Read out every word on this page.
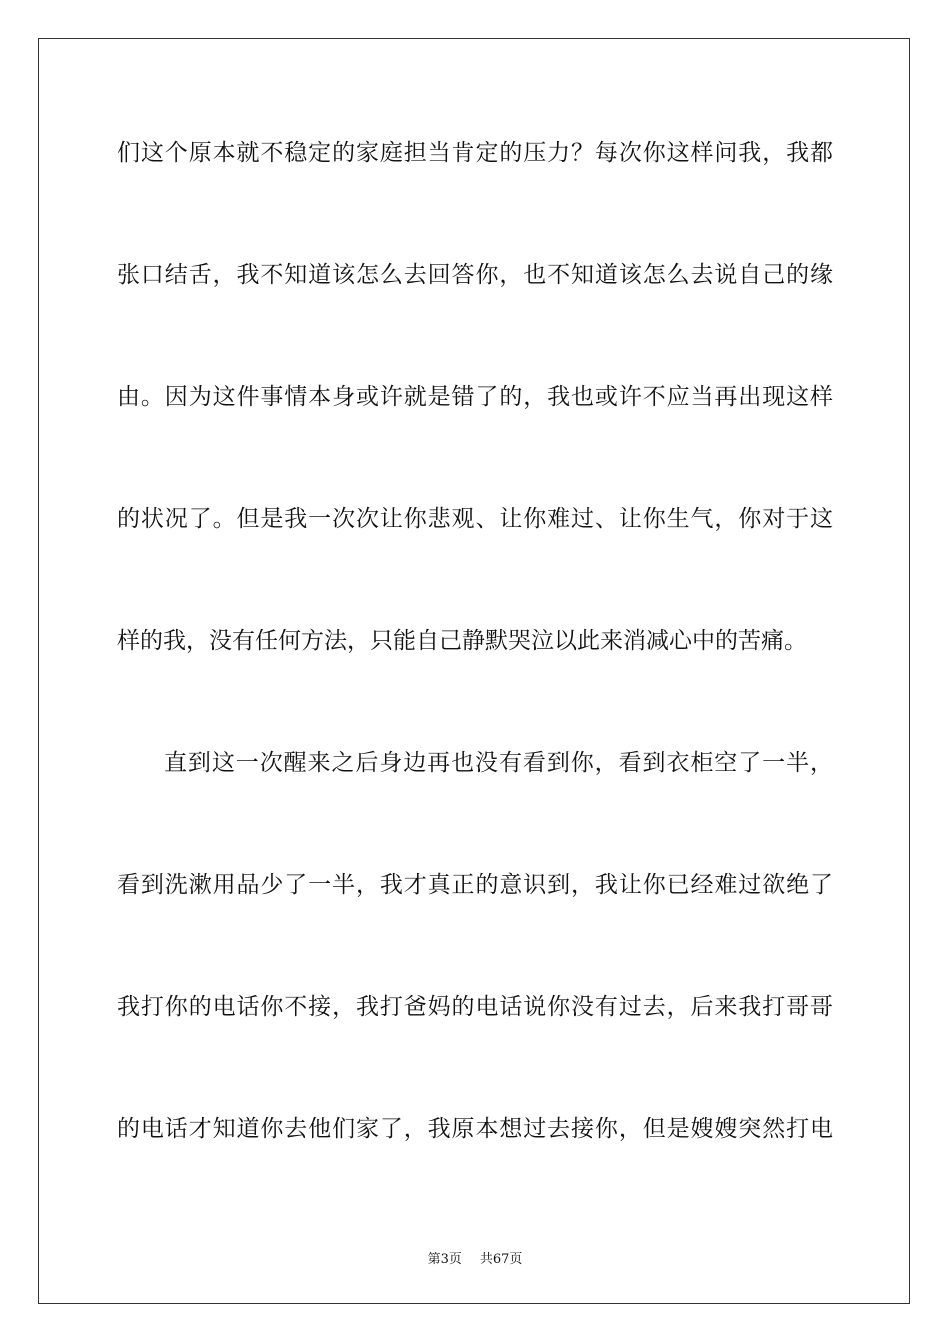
们这个原本就不稳定的家庭担当肯定的压力？每次你这样问我，我都
张口结舌，我不知道该怎么去回答你，也不知道该怎么去说自己的缘
由。因为这件事情本身或许就是错了的，我也或许不应当再出现这样
的状况了。但是我一次次让你悲观、让你难过、让你生气，你对于这
样的我，没有任何方法，只能自己静默哭泣以此来消减心中的苦痛。
直到这一次醒来之后身边再也没有看到你，看到衣柜空了一半，
看到洗漱用品少了一半，我才真正的意识到，我让你已经难过欲绝了
我打你的电话你不接，我打爸妈的电话说你没有过去，后来我打哥哥
的电话才知道你去他们家了，我原本想过去接你，但是嫂嫂突然打电
第3页 共67页
